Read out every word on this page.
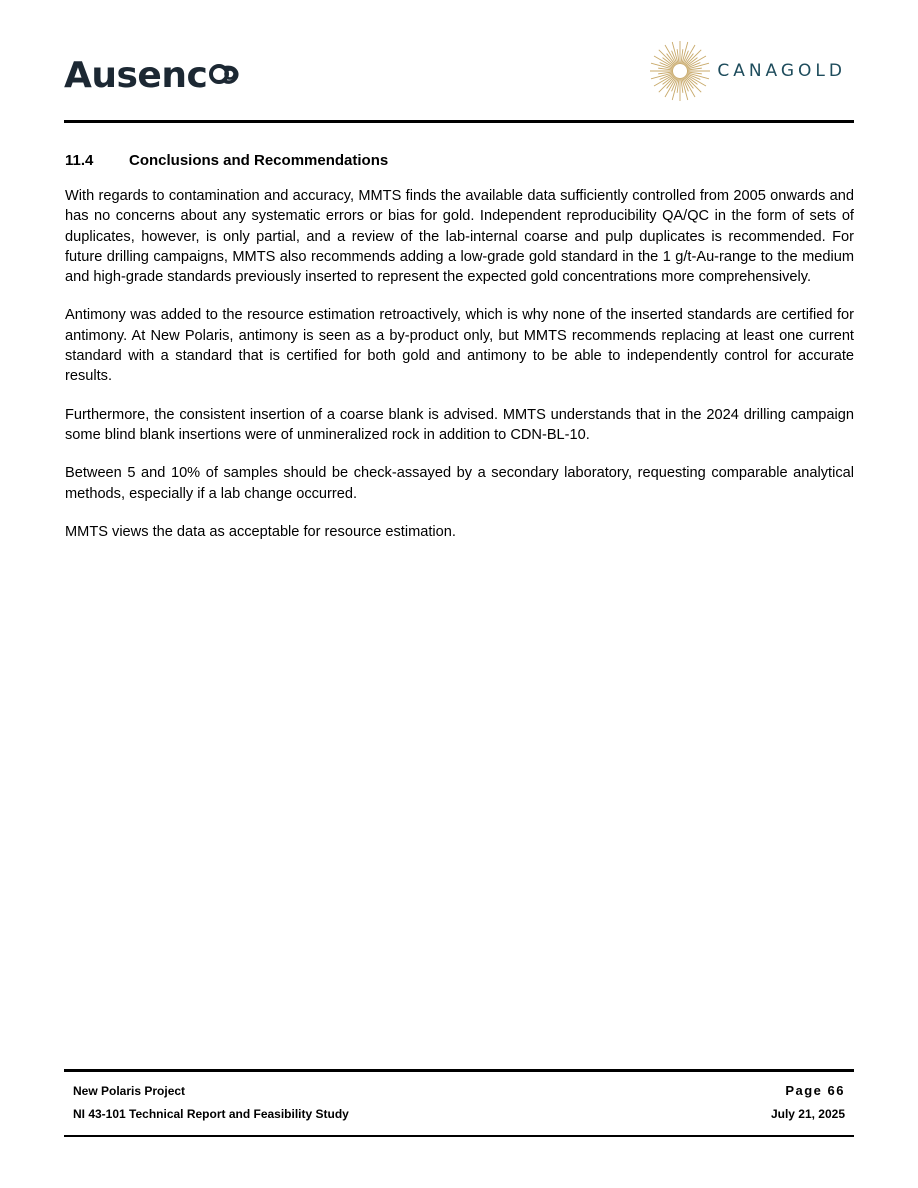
Ausenc	CANAGOLD
11.4	Conclusions and Recommendations

With regards to contamination and accuracy, MMTS finds the available data sufficiently controlled from 2005 onwards and has no concerns about any systematic errors or bias for gold. Independent reproducibility QA/QC in the form of sets of duplicates, however, is only partial, and a review of the lab-internal coarse and pulp duplicates is recommended. For future drilling campaigns, MMTS also recommends adding a low-grade gold standard in the 1 g/t-Au-range to the medium and high-grade standards previously inserted to represent the expected gold concentrations more comprehensively.

Antimony was added to the resource estimation retroactively, which is why none of the inserted standards are certified for antimony. At New Polaris, antimony is seen as a by-product only, but MMTS recommends replacing at least one current standard with a standard that is certified for both gold and antimony to be able to independently control for accurate results.

Furthermore, the consistent insertion of a coarse blank is advised. MMTS understands that in the 2024 drilling campaign some blind blank insertions were of unmineralized rock in addition to CDN-BL-10.

Between 5 and 10% of samples should be check-assayed by a secondary laboratory, requesting comparable analytical methods, especially if a lab change occurred.

MMTS views the data as acceptable for resource estimation.

New Polaris Project	Page 66
NI 43-101 Technical Report and Feasibility Study	July 21, 2025
